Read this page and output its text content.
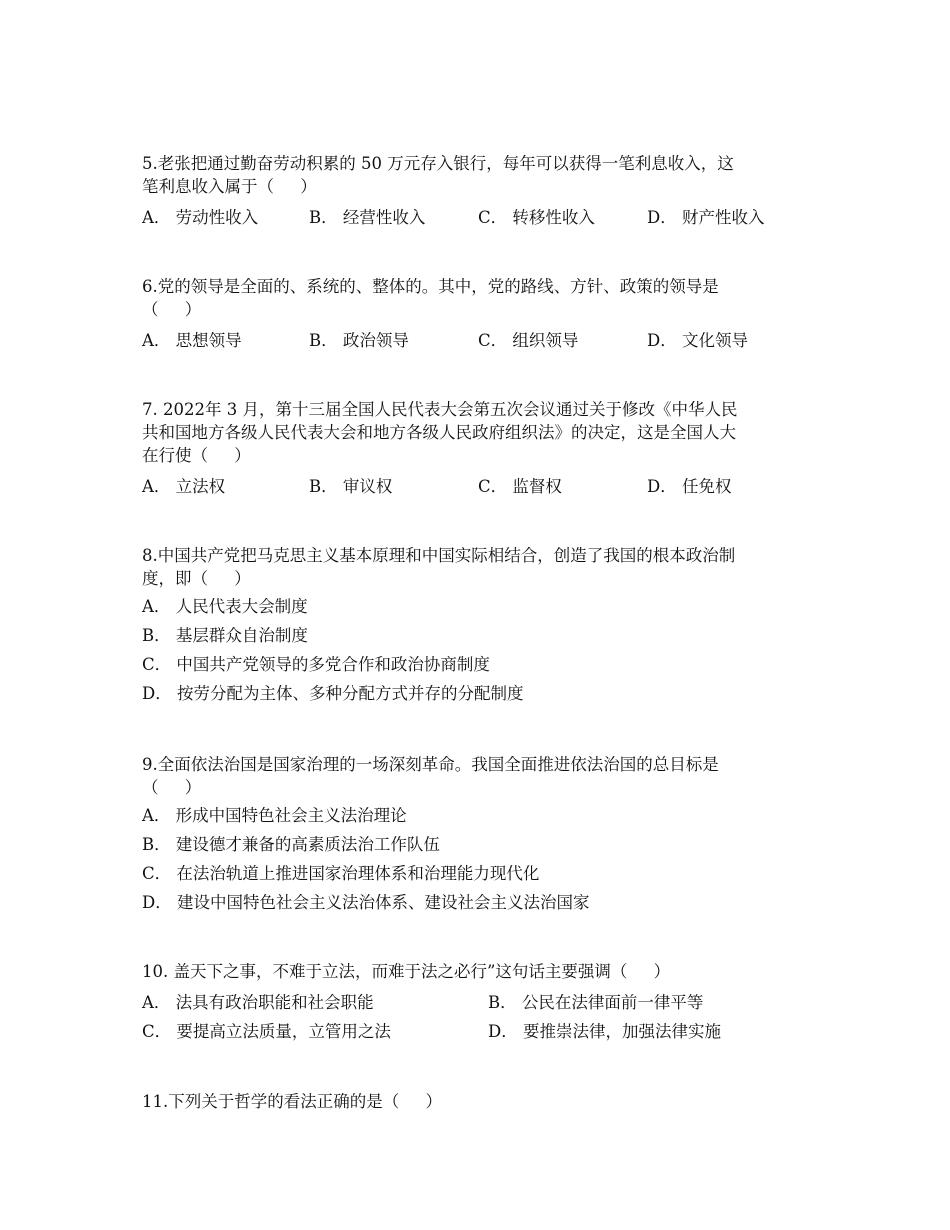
5.老张把通过勤奋劳动积累的 50 万元存入银行，每年可以获得一笔利息收入，这
笔利息收入属于（     ）

A． 劳动性收入	B． 经营性收入	C． 转移性收入	D． 财产性收入

6.党的领导是全面的、系统的、整体的。其中，党的路线、方针、政策的领导是
（     ）

A． 思想领导	B． 政治领导	C． 组织领导	D． 文化领导

7. 2022年 3 月，第十三届全国人民代表大会第五次会议通过关于修改《中华人民
共和国地方各级人民代表大会和地方各级人民政府组织法》的决定，这是全国人大
在行使（     ）

A． 立法权	B． 审议权	C． 监督权	D． 任免权

8.中国共产党把马克思主义基本原理和中国实际相结合，创造了我国的根本政治制
度，即（     ）

A． 人民代表大会制度
B． 基层群众自治制度
C． 中国共产党领导的多党合作和政治协商制度
D． 按劳分配为主体、多种分配方式并存的分配制度

9.全面依法治国是国家治理的一场深刻革命。我国全面推进依法治国的总目标是
（     ）

A． 形成中国特色社会主义法治理论
B． 建设德才兼备的高素质法治工作队伍
C． 在法治轨道上推进国家治理体系和治理能力现代化
D． 建设中国特色社会主义法治体系、建设社会主义法治国家

10. 盖天下之事，不难于立法，而难于法之必行”这句话主要强调（     ）

A． 法具有政治职能和社会职能	B． 公民在法律面前一律平等
C． 要提高立法质量，立管用之法	D． 要推崇法律，加强法律实施

11.下列关于哲学的看法正确的是（     ）
